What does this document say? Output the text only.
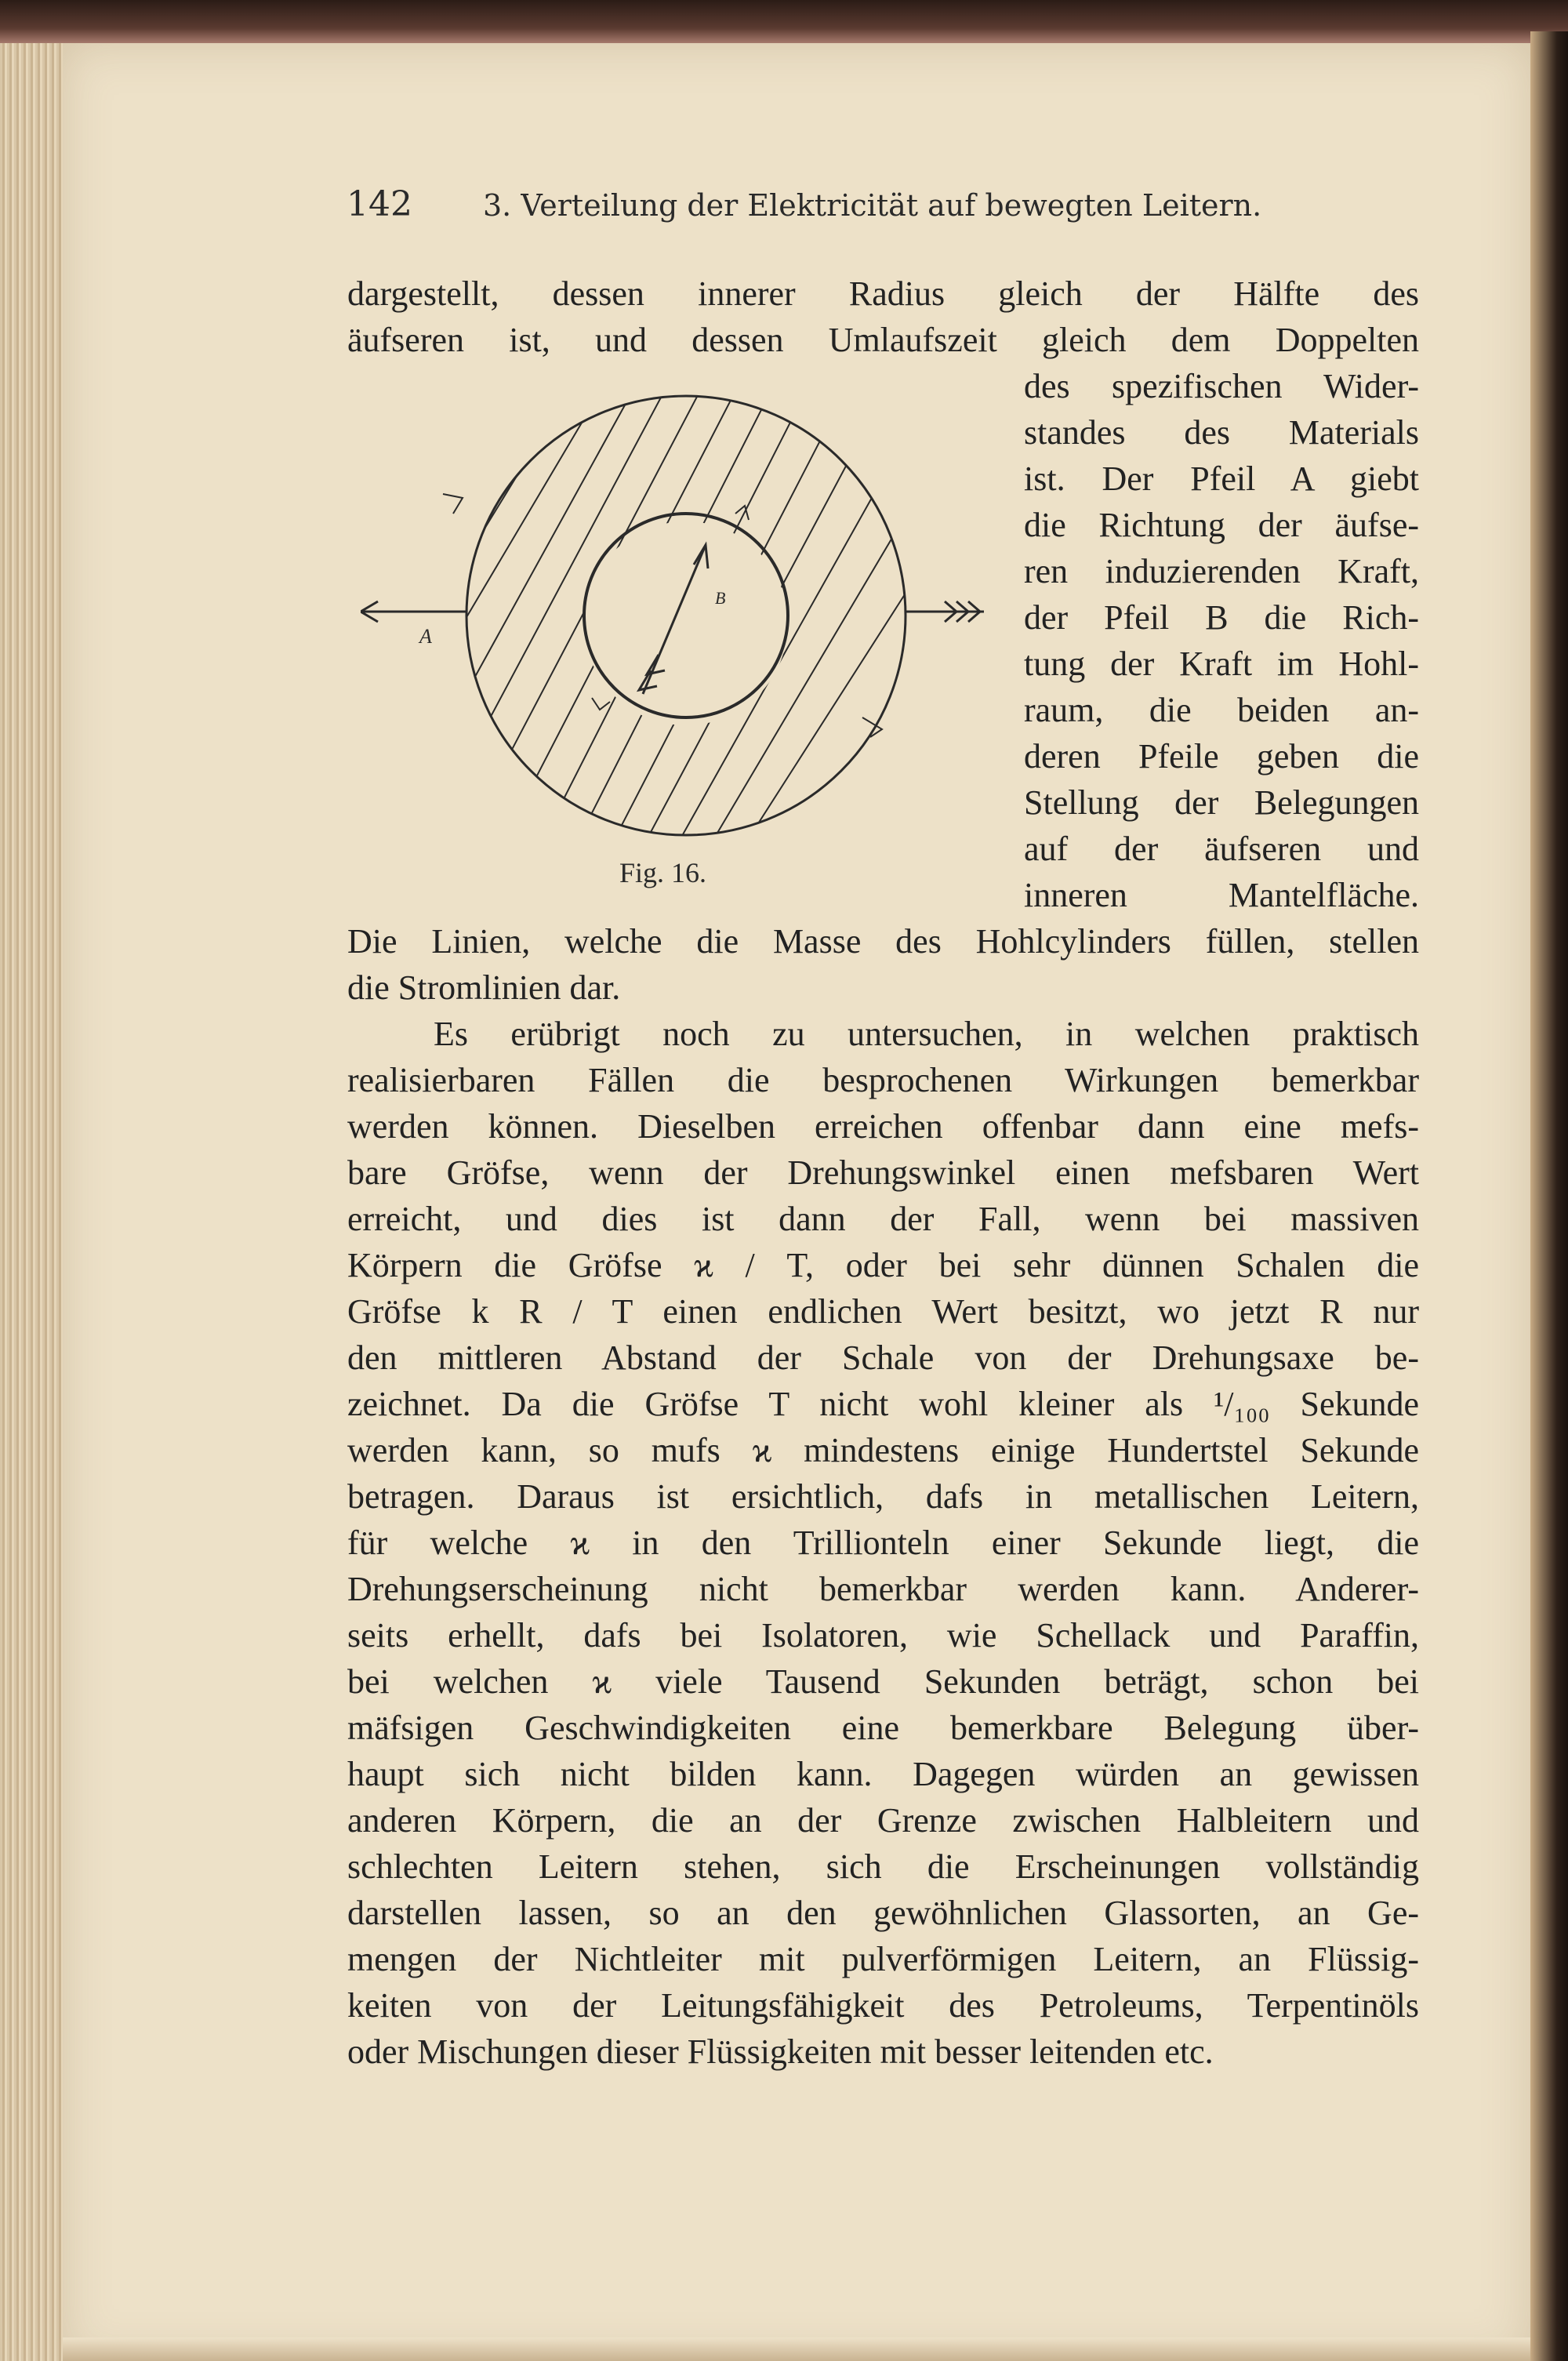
142 3. Verteilung der Elektricität auf bewegten Leitern.
dargestellt, dessen innerer Radius gleich der Hälfte des
äufseren ist, und dessen Umlaufszeit gleich dem Doppelten
des spezifischen Wider-
standes des Materials
ist. Der Pfeil A giebt
die Richtung der äufse-
ren induzierenden Kraft,
der Pfeil B die Rich-
tung der Kraft im Hohl-
raum, die beiden an-
deren Pfeile geben die
Stellung der Belegungen
auf der äufseren und
inneren Mantelfläche.
Die Linien, welche die Masse des Hohlcylinders füllen, stellen
die Stromlinien dar.
Es erübrigt noch zu untersuchen, in welchen praktisch
realisierbaren Fällen die besprochenen Wirkungen bemerkbar
werden können. Dieselben erreichen offenbar dann eine mefs-
bare Gröfse, wenn der Drehungswinkel einen mefsbaren Wert
erreicht, und dies ist dann der Fall, wenn bei massiven
Körpern die Gröfse ϰ / T, oder bei sehr dünnen Schalen die
Gröfse k R / T einen endlichen Wert besitzt, wo jetzt R nur
den mittleren Abstand der Schale von der Drehungsaxe be-
zeichnet. Da die Gröfse T nicht wohl kleiner als ¹/₁₀₀ Sekunde
werden kann, so mufs ϰ mindestens einige Hundertstel Sekunde
betragen. Daraus ist ersichtlich, dafs in metallischen Leitern,
für welche ϰ in den Trillionteln einer Sekunde liegt, die
Drehungserscheinung nicht bemerkbar werden kann. Anderer-
seits erhellt, dafs bei Isolatoren, wie Schellack und Paraffin,
bei welchen ϰ viele Tausend Sekunden beträgt, schon bei
mäfsigen Geschwindigkeiten eine bemerkbare Belegung über-
haupt sich nicht bilden kann. Dagegen würden an gewissen
anderen Körpern, die an der Grenze zwischen Halbleitern und
schlechten Leitern stehen, sich die Erscheinungen vollständig
darstellen lassen, so an den gewöhnlichen Glassorten, an Ge-
mengen der Nichtleiter mit pulverförmigen Leitern, an Flüssig-
keiten von der Leitungsfähigkeit des Petroleums, Terpentinöls
oder Mischungen dieser Flüssigkeiten mit besser leitenden etc.
A
B
Fig. 16.
